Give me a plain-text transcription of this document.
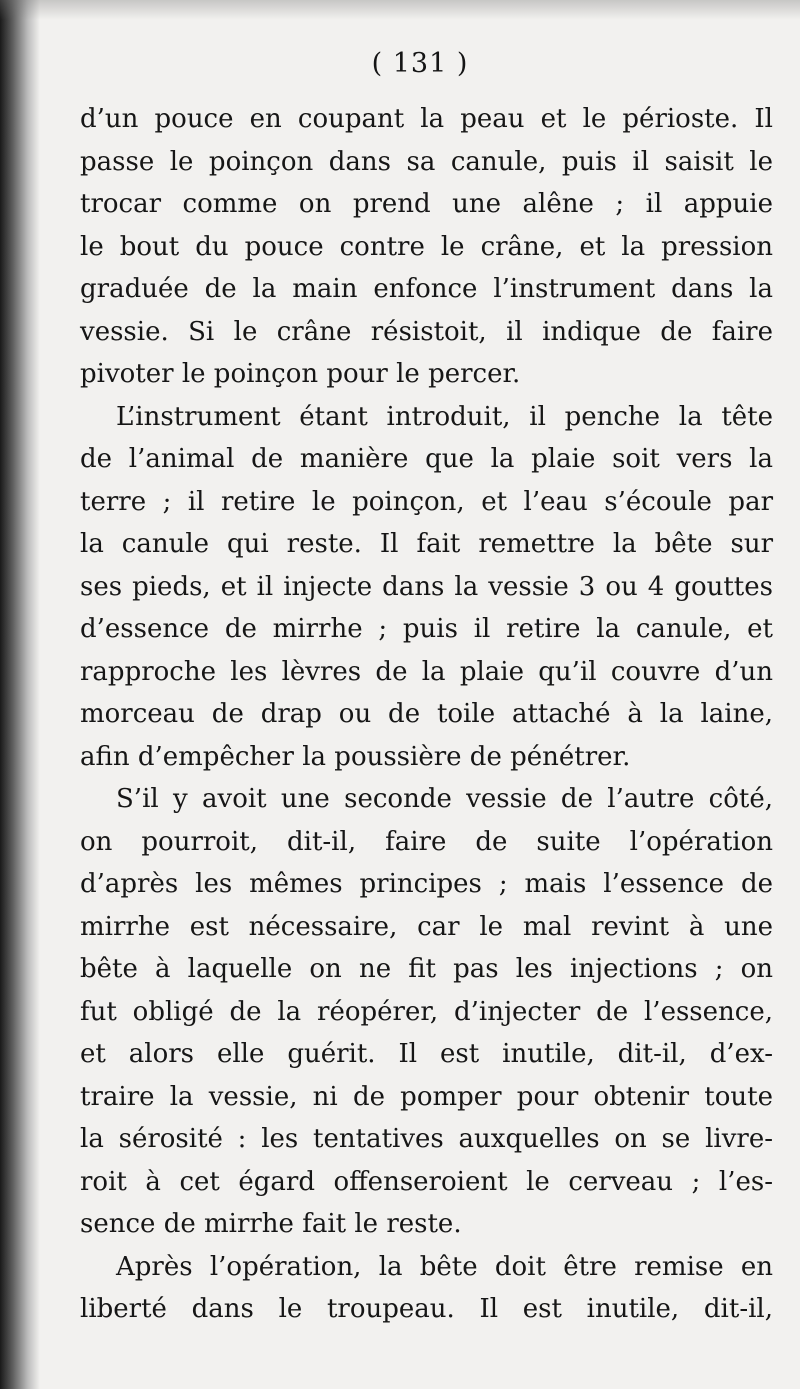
( 131 )
d’un pouce en coupant la peau et le périoste. Il
passe le poinçon dans sa canule, puis il saisit le
trocar comme on prend une alêne ; il appuie
le bout du pouce contre le crâne, et la pression
graduée de la main enfonce l’instrument dans la
vessie. Si le crâne résistoit, il indique de faire
pivoter le poinçon pour le percer.
L’instrument étant introduit, il penche la tête
de l’animal de manière que la plaie soit vers la
terre ; il retire le poinçon, et l’eau s’écoule par
la canule qui reste. Il fait remettre la bête sur
ses pieds, et il injecte dans la vessie 3 ou 4 gouttes
d’essence de mirrhe ; puis il retire la canule, et
rapproche les lèvres de la plaie qu’il couvre d’un
morceau de drap ou de toile attaché à la laine,
afin d’empêcher la poussière de pénétrer.
S’il y avoit une seconde vessie de l’autre côté,
on pourroit, dit-il, faire de suite l’opération
d’après les mêmes principes ; mais l’essence de
mirrhe est nécessaire, car le mal revint à une
bête à laquelle on ne fit pas les injections ; on
fut obligé de la réopérer, d’injecter de l’essence,
et alors elle guérit. Il est inutile, dit-il, d’ex-
traire la vessie, ni de pomper pour obtenir toute
la sérosité : les tentatives auxquelles on se livre-
roit à cet égard offenseroient le cerveau ; l’es-
sence de mirrhe fait le reste.
Après l’opération, la bête doit être remise en
liberté dans le troupeau. Il est inutile, dit-il,
